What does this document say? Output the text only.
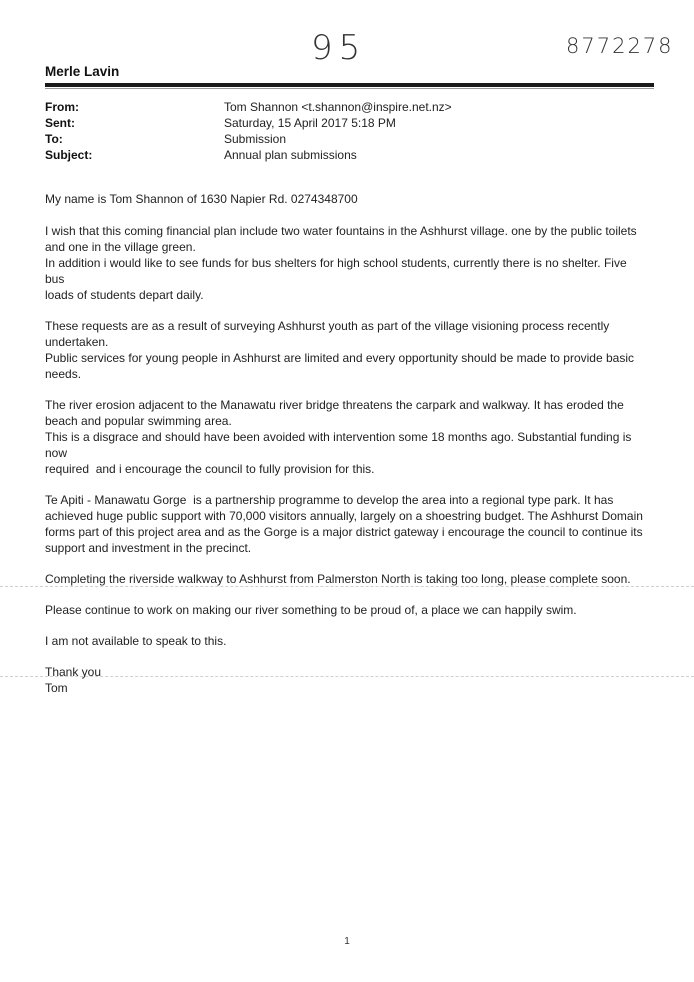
95	8772278
Merle Lavin
From:	Tom Shannon <t.shannon@inspire.net.nz>
Sent:	Saturday, 15 April 2017 5:18 PM
To:	Submission
Subject:	Annual plan submissions

My name is Tom Shannon of 1630 Napier Rd. 0274348700

I wish that this coming financial plan include two water fountains in the Ashhurst village. one by the public toilets
and one in the village green.
In addition i would like to see funds for bus shelters for high school students, currently there is no shelter. Five bus
loads of students depart daily.

These requests are as a result of surveying Ashhurst youth as part of the village visioning process recently
undertaken.
Public services for young people in Ashhurst are limited and every opportunity should be made to provide basic
needs.

The river erosion adjacent to the Manawatu river bridge threatens the carpark and walkway. It has eroded the
beach and popular swimming area.
This is a disgrace and should have been avoided with intervention some 18 months ago. Substantial funding is now
required  and i encourage the council to fully provision for this.

Te Apiti - Manawatu Gorge  is a partnership programme to develop the area into a regional type park. It has
achieved huge public support with 70,000 visitors annually, largely on a shoestring budget. The Ashhurst Domain
forms part of this project area and as the Gorge is a major district gateway i encourage the council to continue its
support and investment in the precinct.

Completing the riverside walkway to Ashhurst from Palmerston North is taking too long, please complete soon.

Please continue to work on making our river something to be proud of, a place we can happily swim.

I am not available to speak to this.

Thank you
Tom

1
